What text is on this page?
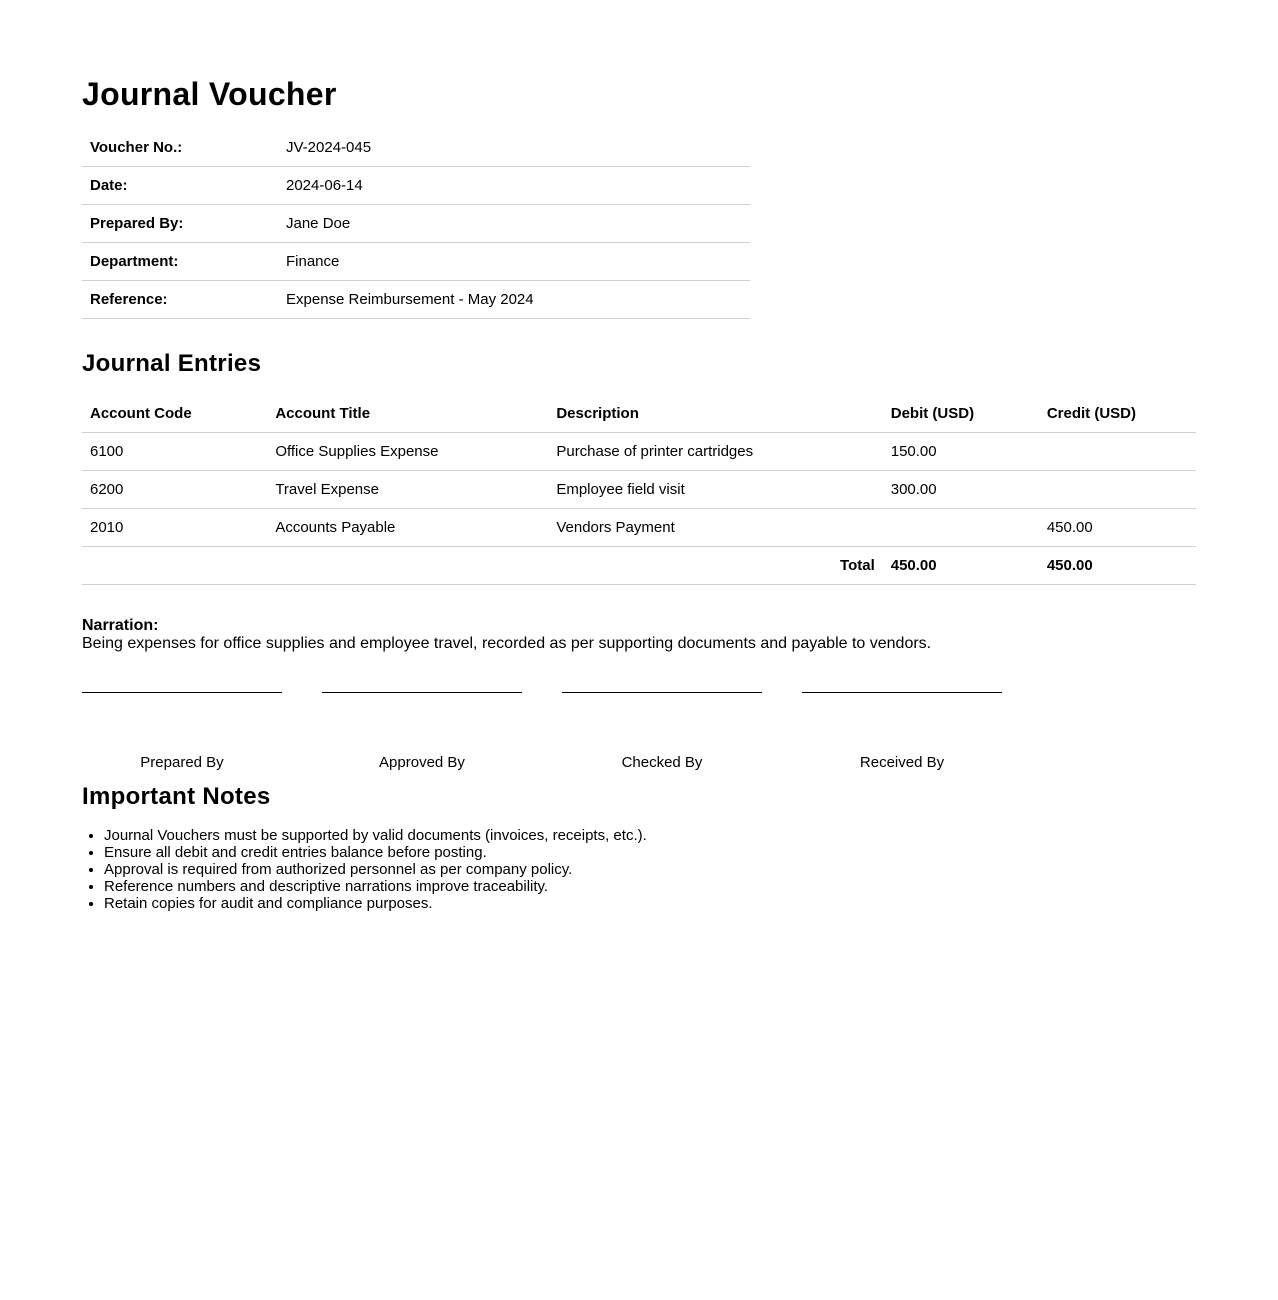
Journal Voucher
Voucher No.:	JV-2024-045
Date:	2024-06-14
Prepared By:	Jane Doe
Department:	Finance
Reference:	Expense Reimbursement - May 2024
Journal Entries
Account Code	Account Title	Description	Debit (USD)	Credit (USD)
6100	Office Supplies Expense	Purchase of printer cartridges	150.00	
6200	Travel Expense	Employee field visit	300.00	
2010	Accounts Payable	Vendors Payment		450.00
Total			450.00	450.00
Narration:
Being expenses for office supplies and employee travel, recorded as per supporting documents and payable to vendors.
Prepared By	Approved By	Checked By	Received By
Important Notes
• Journal Vouchers must be supported by valid documents (invoices, receipts, etc.).
• Ensure all debit and credit entries balance before posting.
• Approval is required from authorized personnel as per company policy.
• Reference numbers and descriptive narrations improve traceability.
• Retain copies for audit and compliance purposes.
